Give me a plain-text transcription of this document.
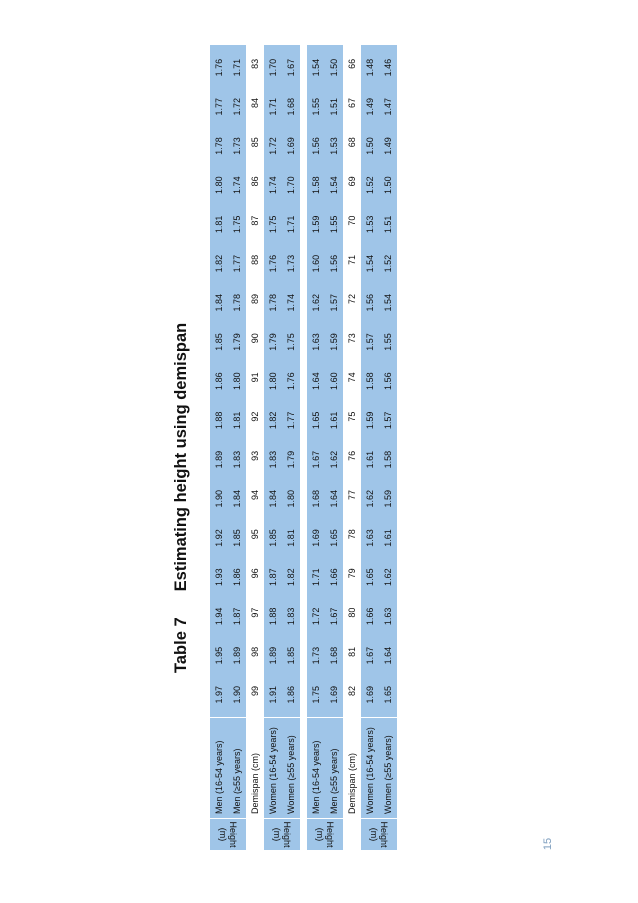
Table 7Estimating height using demispan
Men (16-54 years)
1.97
1.95
1.94
1.93
1.92
1.90
1.89
1.88
1.86
1.85
1.84
1.82
1.81
1.80
1.78
1.77
1.76
Men (≥55 years)
1.90
1.89
1.87
1.86
1.85
1.84
1.83
1.81
1.80
1.79
1.78
1.77
1.75
1.74
1.73
1.72
1.71
Demispan (cm)
99
98
97
96
95
94
93
92
91
90
89
88
87
86
85
84
83
Women (16-54 years)
1.91
1.89
1.88
1.87
1.85
1.84
1.83
1.82
1.80
1.79
1.78
1.76
1.75
1.74
1.72
1.71
1.70
Women (≥55 years)
1.86
1.85
1.83
1.82
1.81
1.80
1.79
1.77
1.76
1.75
1.74
1.73
1.71
1.70
1.69
1.68
1.67
Height (m)	Height (m)
Men (16-54 years)
1.75
1.73
1.72
1.71
1.69
1.68
1.67
1.65
1.64
1.63
1.62
1.60
1.59
1.58
1.56
1.55
1.54
Men (≥55 years)
1.69
1.68
1.67
1.66
1.65
1.64
1.62
1.61
1.60
1.59
1.57
1.56
1.55
1.54
1.53
1.51
1.50
Demispan (cm)
82
81
80
79
78
77
76
75
74
73
72
71
70
69
68
67
66
Women (16-54 years)
1.69
1.67
1.66
1.65
1.63
1.62
1.61
1.59
1.58
1.57
1.56
1.54
1.53
1.52
1.50
1.49
1.48
Women (≥55 years)
1.65
1.64
1.63
1.62
1.61
1.59
1.58
1.57
1.56
1.55
1.54
1.52
1.51
1.50
1.49
1.47
1.46
Height (m)	Height (m)
15
